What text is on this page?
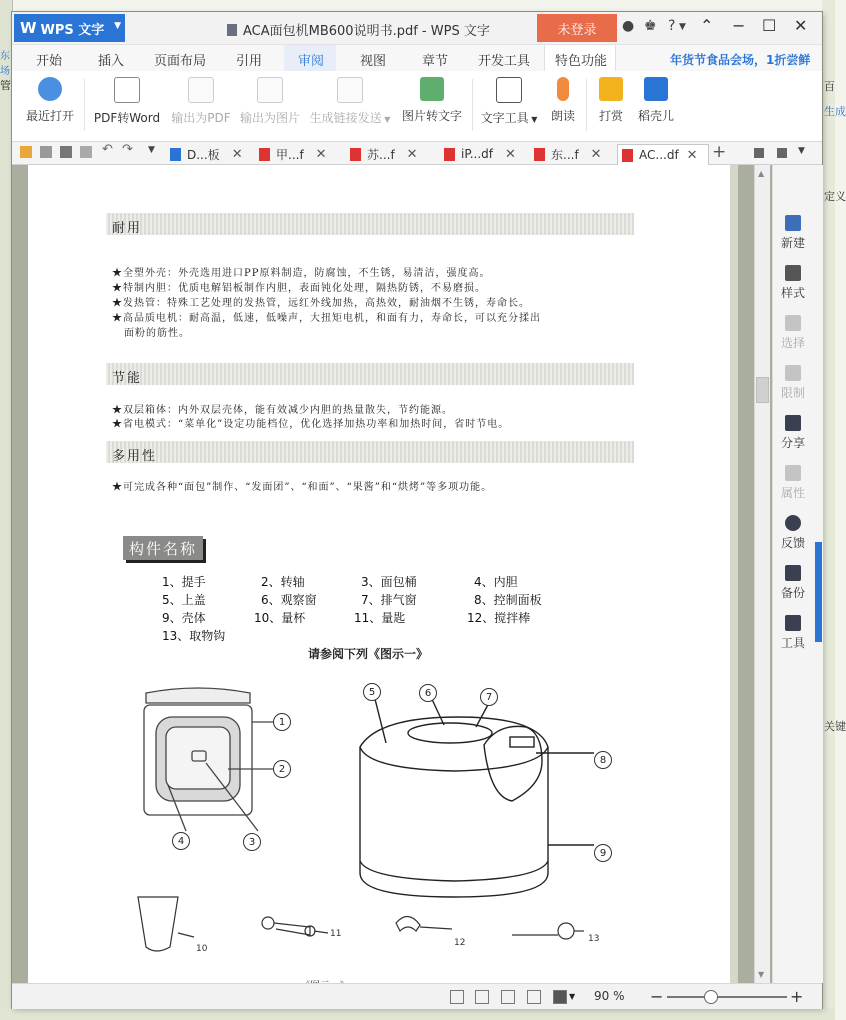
东场
管	百
生成
定义
关键
W WPS 文字 ▼	ACA面包机MB600说明书.pdf - WPS 文字	未登录	● ♚ ? ▼ ⌃ − ☐ ✕
开始	插入 页面布局 引用	审阅	视图	章节 开发工具 特色功能	年货节食品会场，1折尝鲜
最近打开 PDF转Word 输出为PDF 输出为图片 生成链接发送 ▼ 图片转文字	文字工具 ▼ 朗读 打赏 稻壳儿
↶ ↷ ▼	D...板 ✕	甲...f ✕	苏...f ✕	iP...df ✕	东...f ✕	AC...df ✕ +	▼
耐用
★全塑外壳：外壳选用进口PP原料制造，防腐蚀，不生锈，易清洁，强度高。
★特制内胆：优质电解铝板制作内胆，表面钝化处理，隔热防锈，不易磨损。
★发热管：特殊工艺处理的发热管，远红外线加热，高热效，耐油烟不生锈，寿命长。
★高品质电机：耐高温，低速，低噪声，大扭矩电机，和面有力，寿命长，可以充分揉出
面粉的筋性。
节能
★双层箱体：内外双层壳体，能有效减少内胆的热量散失，节约能源。
★省电模式：“菜单化”设定功能档位，优化选择加热功率和加热时间，省时节电。
多用性
★可完成各种“面包”制作、“发面团”、“和面”、“果酱”和“烘烤”等多项功能。
构件名称
1、提手	2、转轴	3、面包桶	4、内胆
5、上盖	6、观察窗	7、排气窗	8、控制面板
9、壳体	10、量杯	11、量匙	12、搅拌棒
13、取物钩
请参阅下列《图示一》
1
2
3
4
5	6	7
8
9
10
11
12	13
▲
▼
新建
样式
选择
限制
分享
属性
反馈
备份
工具
▼ 90 % −	+
